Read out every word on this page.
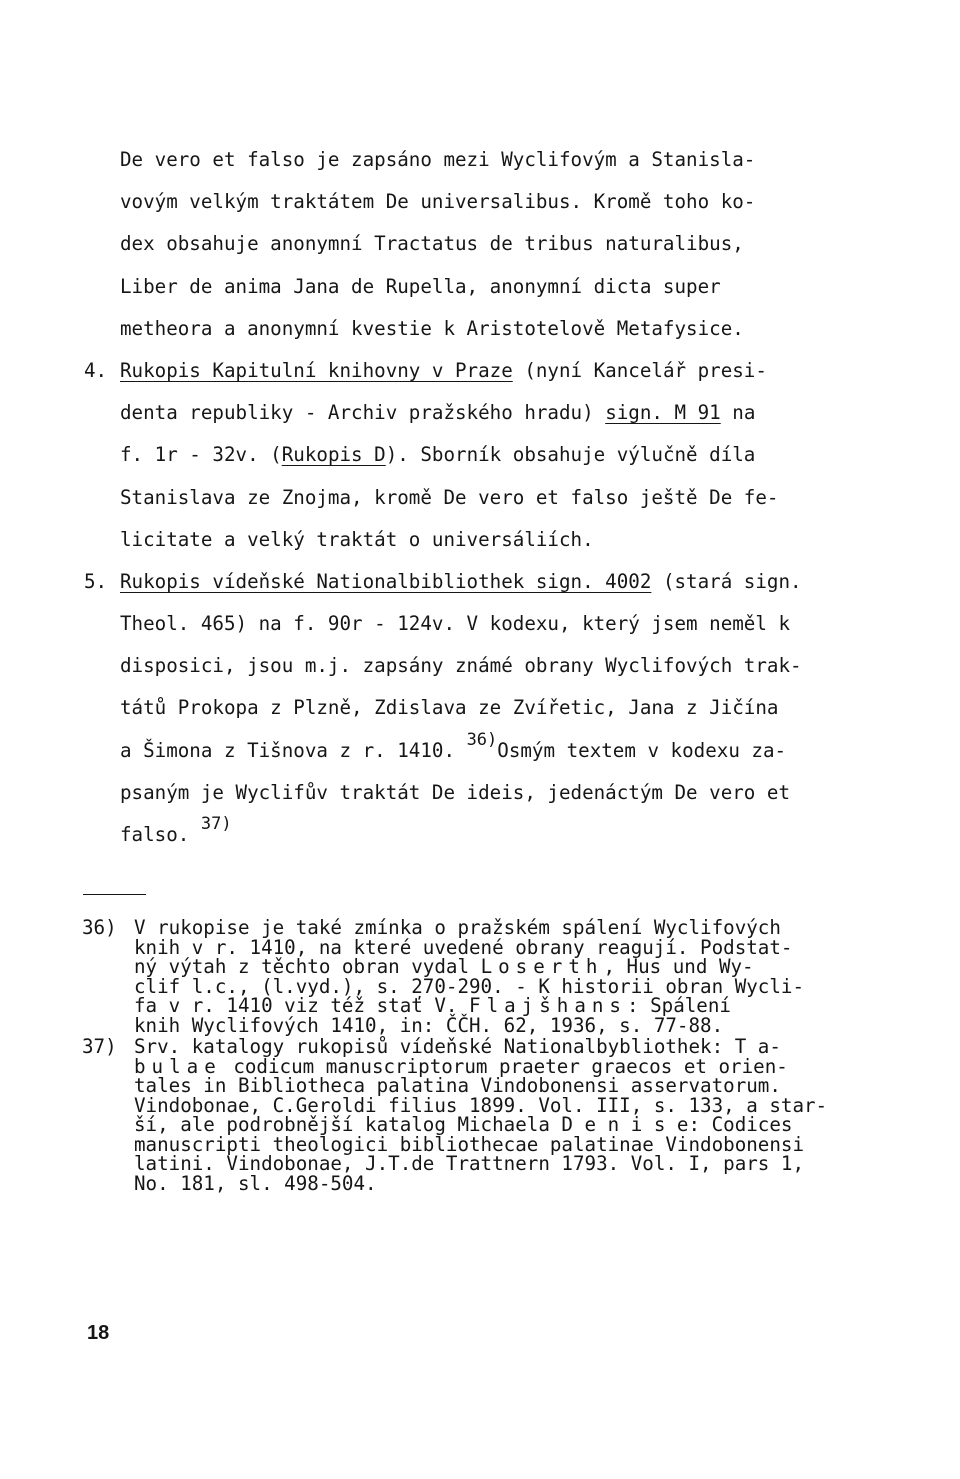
De vero et falso je zapsáno mezi Wyclifovým a Stanisla-
vovým velkým traktátem De universalibus. Kromě toho ko-
dex obsahuje anonymní Tractatus de tribus naturalibus,
Liber de anima Jana de Rupella, anonymní dicta super
metheora a anonymní kvestie k Aristotelově Metafysice.
4. Rukopis Kapitulní knihovny v Praze (nyní Kancelář presi-
denta republiky - Archiv pražského hradu) sign. M 91 na
f. 1r - 32v. (Rukopis D). Sborník obsahuje výlučně díla
Stanislava ze Znojma, kromě De vero et falso ještě De fe-
licitate a velký traktát o universáliích.
5. Rukopis vídeňské Nationalbibliothek sign. 4002 (stará sign.
Theol. 465) na f. 90r - 124v. V kodexu, který jsem neměl k
disposici, jsou m.j. zapsány známé obrany Wyclifových trak-
tátů Prokopa z Plzně, Zdislava ze Zvířetic, Jana z Jičína
a Šimona z Tišnova z r. 1410. 36)Osmým textem v kodexu za-
psaným je Wyclifův traktát De ideis, jedenáctým De vero et
falso. 37)
36) V rukopise je také zmínka o pražském spálení Wyclifových
knih v r. 1410, na které uvedené obrany reagují. Podstat-
ný výtah z těchto obran vydal Loserth, Hus und Wy-
clif l.c., (l.vyd.), s. 270-290. - K historii obran Wycli-
fa v r. 1410 viz též stať V. Flajšhans: Spálení
knih Wyclifových 1410, in: ČČH. 62, 1936, s. 77-88.
37) Srv. katalogy rukopisů vídeňské Nationalbybliothek: T a-
bulae codicum manuscriptorum praeter graecos et orien-
tales in Bibliotheca palatina Vindobonensi asservatorum.
Vindobonae, C.Geroldi filius 1899. Vol. III, s. 133, a star-
ší, ale podrobnější katalog Michaela D e n i s e: Codices
manuscripti theologici bibliothecae palatinae Vindobonensi
latini. Vindobonae, J.T.de Trattnern 1793. Vol. I, pars 1,
No. 181, sl. 498-504.
18
